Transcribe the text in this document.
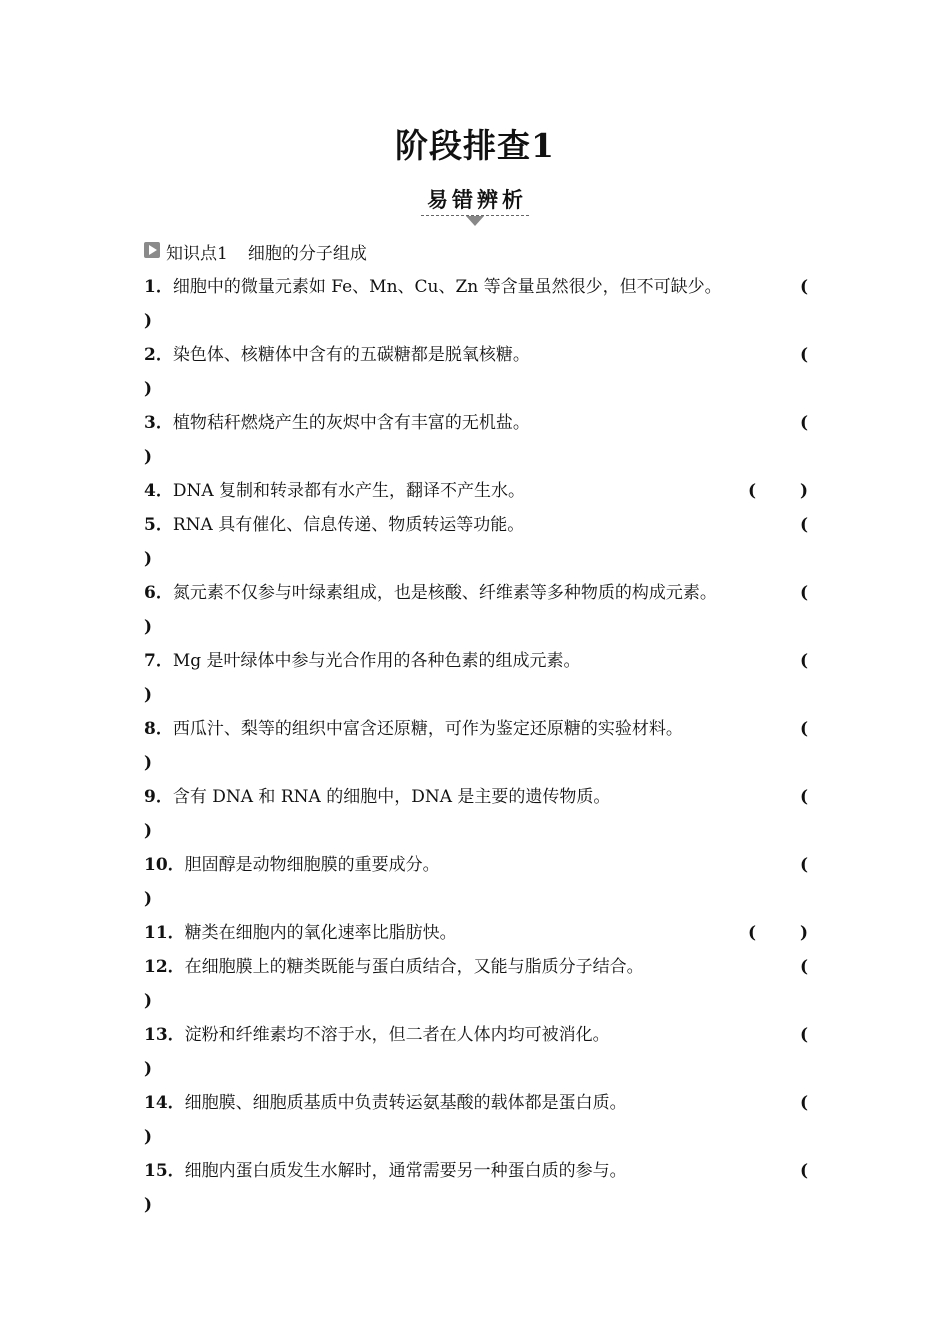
阶段排查1
易错辨析
知识点1 细胞的分子组成
1．细胞中的微量元素如 Fe、Mn、Cu、Zn 等含量虽然很少，但不可缺少。	(
)
2．染色体、核糖体中含有的五碳糖都是脱氧核糖。	(
)
3．植物秸秆燃烧产生的灰烬中含有丰富的无机盐。	(
)
4．DNA 复制和转录都有水产生，翻译不产生水。	(	)
5．RNA 具有催化、信息传递、物质转运等功能。	(
)
6．氮元素不仅参与叶绿素组成，也是核酸、纤维素等多种物质的构成元素。	(
)
7．Mg 是叶绿体中参与光合作用的各种色素的组成元素。	(
)
8．西瓜汁、梨等的组织中富含还原糖，可作为鉴定还原糖的实验材料。	(
)
9．含有 DNA 和 RNA 的细胞中，DNA 是主要的遗传物质。	(
)
10．胆固醇是动物细胞膜的重要成分。	(
)
11．糖类在细胞内的氧化速率比脂肪快。	(	)
12．在细胞膜上的糖类既能与蛋白质结合，又能与脂质分子结合。	(
)
13．淀粉和纤维素均不溶于水，但二者在人体内均可被消化。	(
)
14．细胞膜、细胞质基质中负责转运氨基酸的载体都是蛋白质。	(
)
15．细胞内蛋白质发生水解时，通常需要另一种蛋白质的参与。	(
)
